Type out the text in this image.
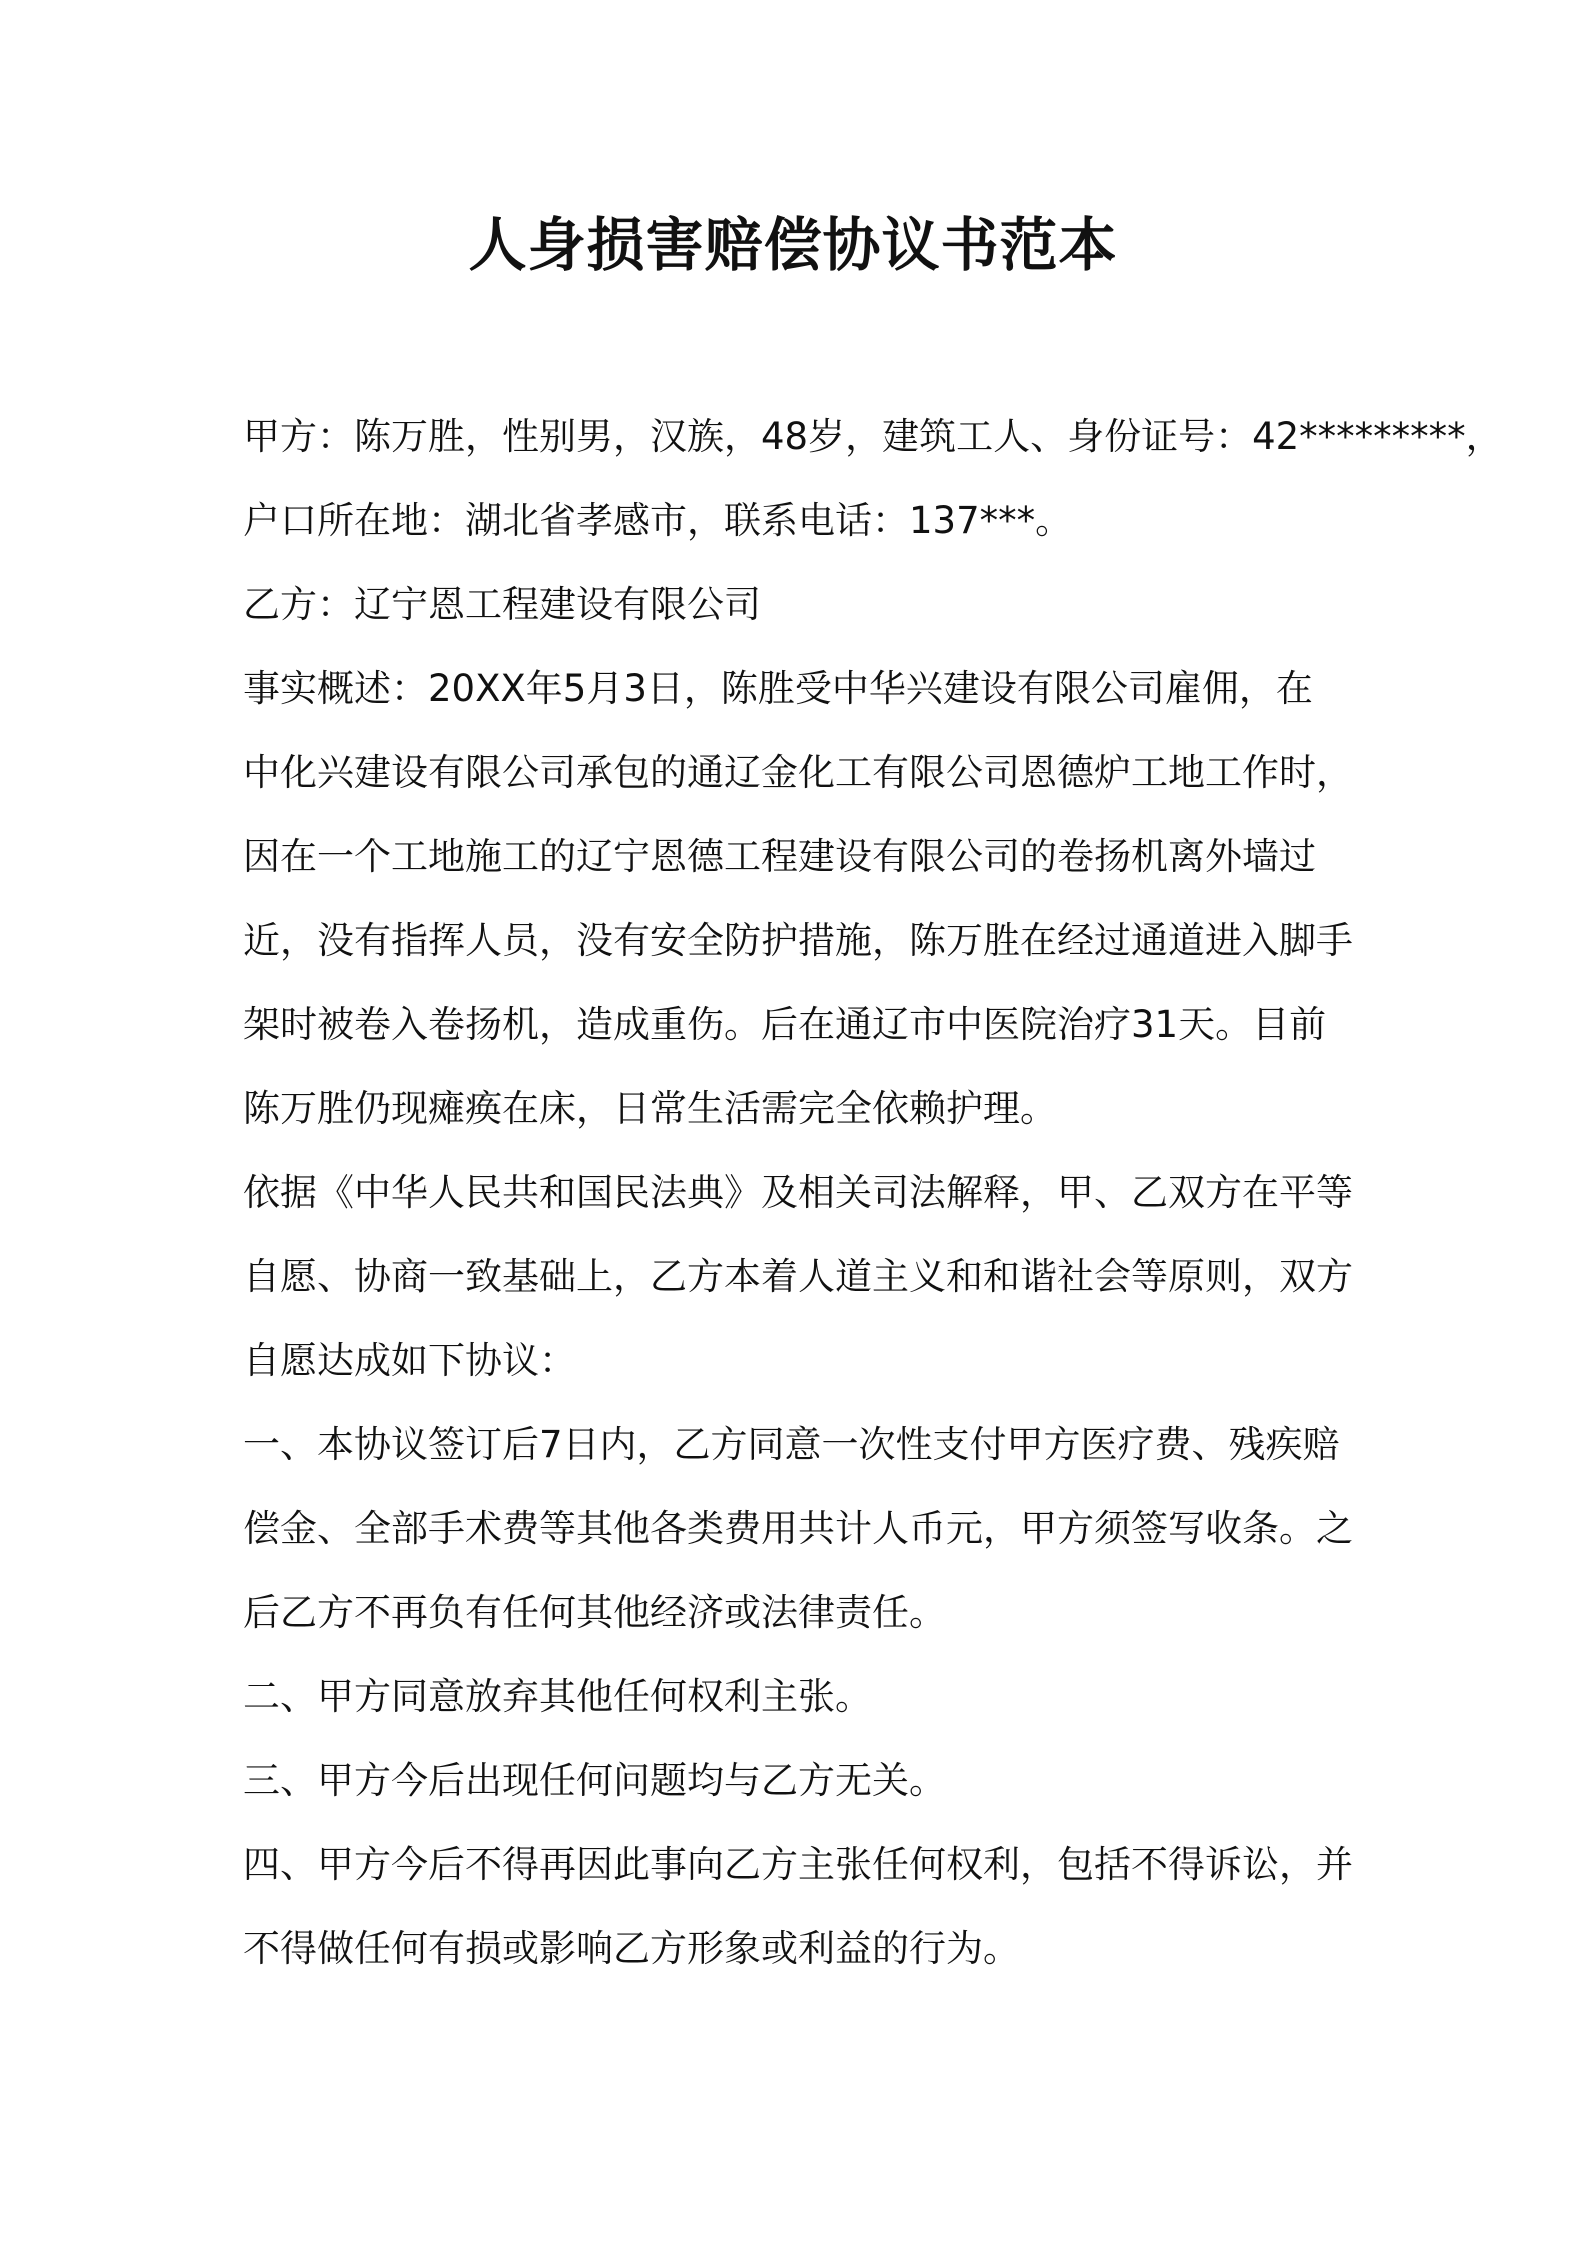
人身损害赔偿协议书范本
甲方：陈万胜，性别男，汉族，48岁，建筑工人、身份证号：42*********，
户口所在地：湖北省孝感市，联系电话：137***。
乙方：辽宁恩工程建设有限公司
事实概述：20XX年5月3日，陈胜受中华兴建设有限公司雇佣，在
中化兴建设有限公司承包的通辽金化工有限公司恩德炉工地工作时，
因在一个工地施工的辽宁恩德工程建设有限公司的卷扬机离外墙过
近，没有指挥人员，没有安全防护措施，陈万胜在经过通道进入脚手
架时被卷入卷扬机，造成重伤。后在通辽市中医院治疗31天。目前
陈万胜仍现瘫痪在床，日常生活需完全依赖护理。
依据《中华人民共和国民法典》及相关司法解释，甲、乙双方在平等
自愿、协商一致基础上，乙方本着人道主义和和谐社会等原则，双方
自愿达成如下协议：
一、本协议签订后7日内，乙方同意一次性支付甲方医疗费、残疾赔
偿金、全部手术费等其他各类费用共计人币元，甲方须签写收条。之
后乙方不再负有任何其他经济或法律责任。
二、甲方同意放弃其他任何权利主张。
三、甲方今后出现任何问题均与乙方无关。
四、甲方今后不得再因此事向乙方主张任何权利，包括不得诉讼，并
不得做任何有损或影响乙方形象或利益的行为。
